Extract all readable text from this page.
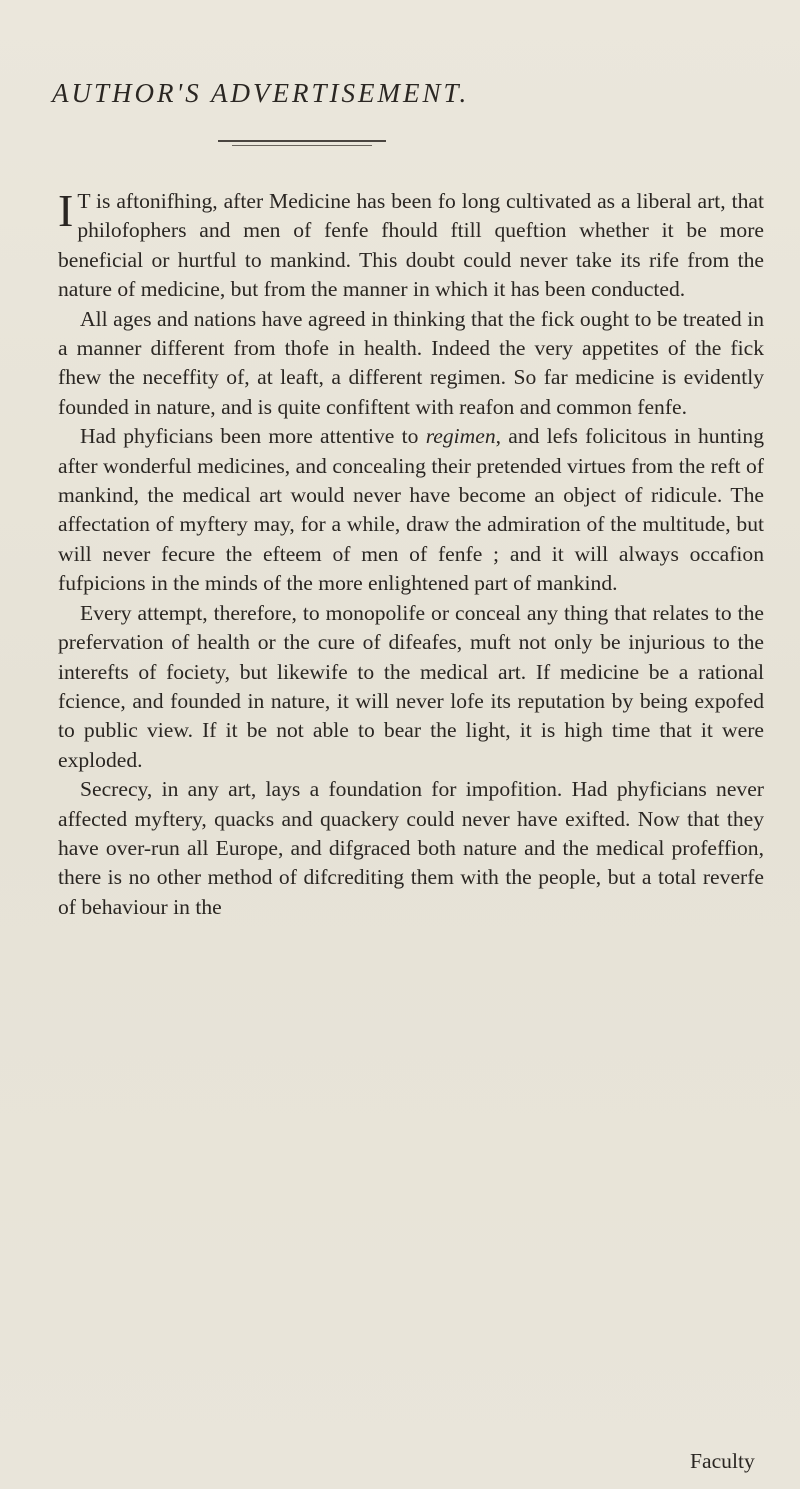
AUTHOR'S ADVERTISEMENT.

I T is aftonifhing, after Medicine has been fo long cultivated as a liberal art, that philofophers and men of fenfe fhould ftill queftion whether it be more beneficial or hurtful to mankind. This doubt could never take its rife from the nature of medicine, but from the manner in which it has been conducted.

All ages and nations have agreed in thinking that the fick ought to be treated in a manner different from thofe in health. Indeed the very appetites of the fick fhew the neceffity of, at leaft, a different regimen. So far medicine is evidently founded in nature, and is quite confiftent with reafon and common fenfe.

Had phyficians been more attentive to regimen, and lefs folicitous in hunting after wonderful medicines, and concealing their pretended virtues from the reft of mankind, the medical art would never have become an object of ridicule. The affectation of myftery may, for a while, draw the admiration of the multitude, but will never fecure the efteem of men of fenfe ; and it will always occafion fufpicions in the minds of the more enlightened part of mankind.

Every attempt, therefore, to monopolife or conceal any thing that relates to the prefervation of health or the cure of difeafes, muft not only be injurious to the interefts of fociety, but likewife to the medical art. If medicine be a rational fcience, and founded in nature, it will never lofe its reputation by being expofed to public view. If it be not able to bear the light, it is high time that it were exploded.

Secrecy, in any art, lays a foundation for impofition. Had phyficians never affected myftery, quacks and quackery could never have exifted. Now that they have over-run all Europe, and difgraced both nature and the medical profeffion, there is no other method of difcrediting them with the people, but a total reverfe of behaviour in the

Faculty
